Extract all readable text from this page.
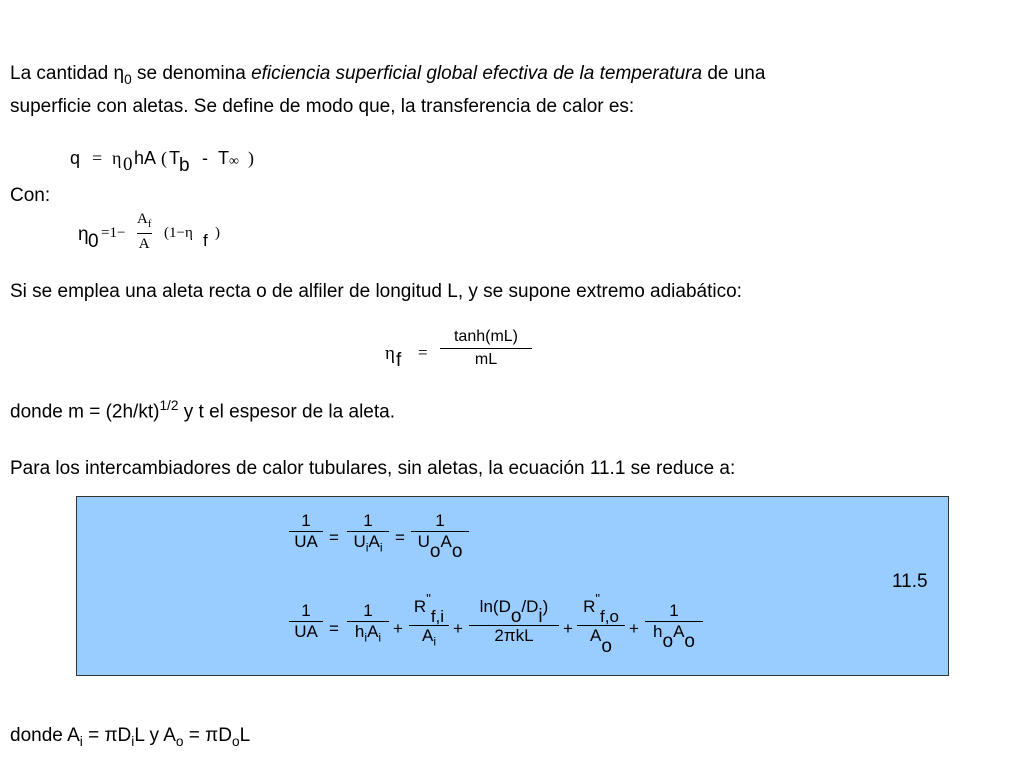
La cantidad $\eta_0$ se denomina eficiencia superficial global efectiva de la temperatura de una
superficie con aletas. Se define de modo que, la transferencia de calor es:
q = η 0 hA ( T b - T ∞ )
Con:
η $0 =1- \frac{A_f}{A} (1-\eta$ f )
Si se emplea una aleta recta o de alfiler de longitud L, y se supone extremo adiabático:
η $f = \frac{\tanh(mL)}{mL}$
donde $m = (2h/kt)^{1/2}$ y t el espesor de la aleta.
Para los intercambiadores de calor tubulares, sin aletas, la ecuación 11.1 se reduce a:
$\frac{1}{UA}$ =
1
$U_iA_i$
=
1
$U_oA_o$
11.5
$\frac{1}{UA}$ =
1
$h_iA_i + \frac{R^"_{f,i}}{A_i}$ +
$\ln(D_o/D_i)$
2πkL	+ $\frac{R^"_{f,o}}{A_o}$ +
1
$h_oA_o$
donde $A_i = \pi D_iL$ y $A_o = \pi D_oL$
